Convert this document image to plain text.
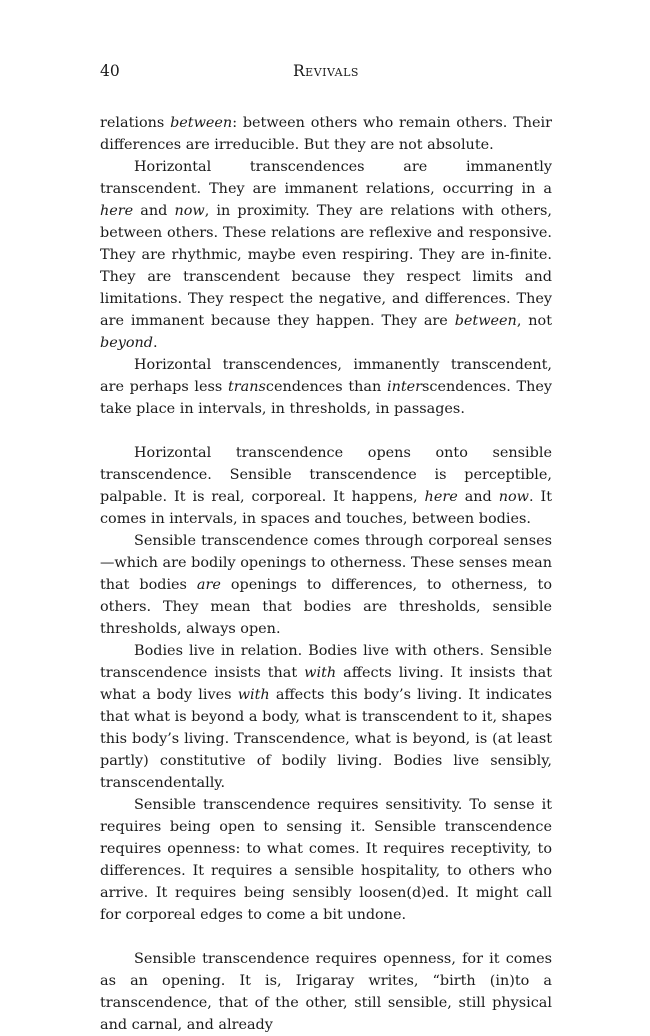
40	Revivals

relations between: between others who remain others. Their differences are irreducible. But they are not absolute.

Horizontal transcendences are immanently transcendent. They are immanent relations, occurring in a here and now, in proximity. They are relations with others, between others. These relations are reflexive and responsive. They are rhythmic, maybe even respiring. They are in-finite. They are transcendent because they respect limits and limitations. They respect the negative, and differences. They are immanent because they happen. They are between, not beyond.

Horizontal transcendences, immanently transcendent, are perhaps less transcendences than interscendences. They take place in intervals, in thresholds, in passages.

Horizontal transcendence opens onto sensible transcendence. Sensible transcendence is perceptible, palpable. It is real, corporeal. It happens, here and now. It comes in intervals, in spaces and touches, between bodies.

Sensible transcendence comes through corporeal senses—which are bodily openings to otherness. These senses mean that bodies are openings to differences, to otherness, to others. They mean that bodies are thresholds, sensible thresholds, always open.

Bodies live in relation. Bodies live with others. Sensible transcendence insists that with affects living. It insists that what a body lives with affects this body’s living. It indicates that what is beyond a body, what is transcendent to it, shapes this body’s living. Transcendence, what is beyond, is (at least partly) constitutive of bodily living. Bodies live sensibly, transcendentally.

Sensible transcendence requires sensitivity. To sense it requires being open to sensing it. Sensible transcendence requires openness: to what comes. It requires receptivity, to differences. It requires a sensible hospitality, to others who arrive. It requires being sensibly loosen(d)ed. It might call for corporeal edges to come a bit undone.

Sensible transcendence requires openness, for it comes as an opening. It is, Irigaray writes, “birth (in)to a transcendence, that of the other, still sensible, still physical and carnal, and already
